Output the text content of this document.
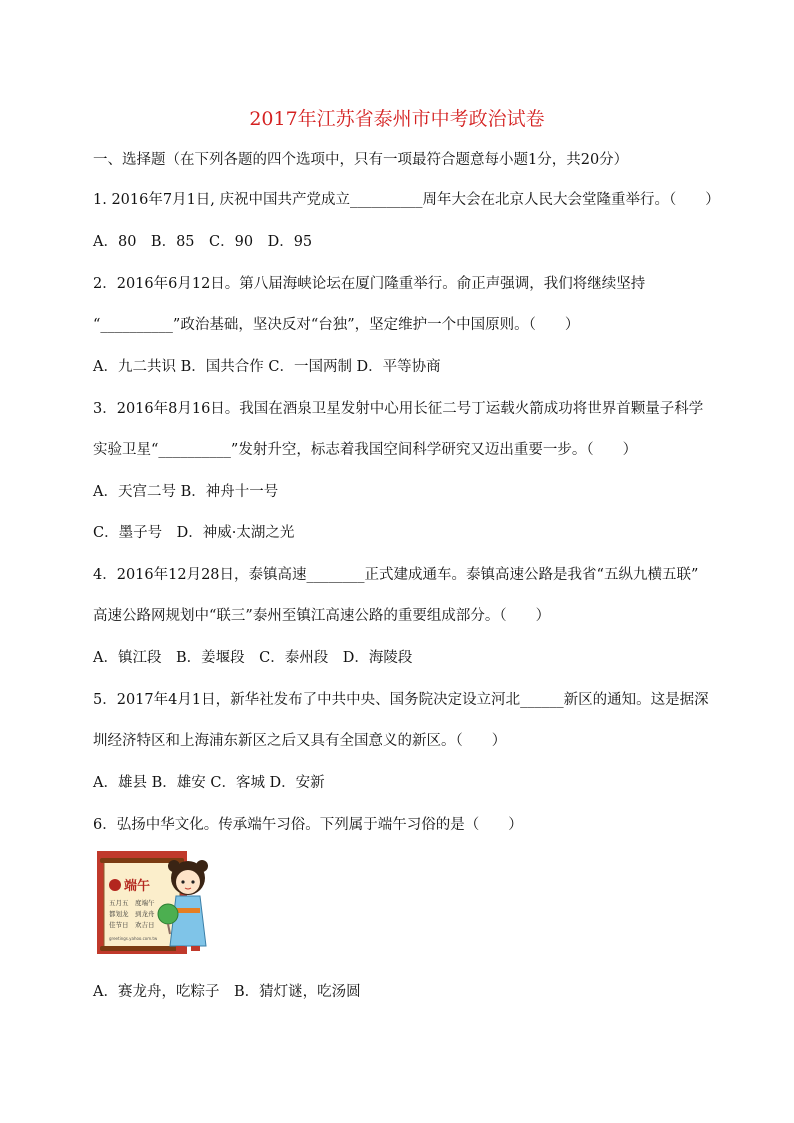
2017年江苏省泰州市中考政治试卷
一、选择题（在下列各题的四个选项中，只有一项最符合题意每小题1分，共20分）
1. 2016年7月1日, 庆祝中国共产党成立__________周年大会在北京人民大会堂隆重举行。（　　）
A．80　B．85　C．90　D．95
2．2016年6月12日。第八届海峡论坛在厦门隆重举行。俞正声强调，我们将继续坚持
“__________”政治基础，坚决反对“台独”，坚定维护一个中国原则。（　　）
A．九二共识 B．国共合作 C．一国两制 D．平等协商
3．2016年8月16日。我国在酒泉卫星发射中心用长征二号丁运载火箭成功将世界首颗量子科学
实验卫星“__________”发射升空，标志着我国空间科学研究又迈出重要一步。（　　）
A．天宫二号 B．神舟十一号
C．墨子号　D．神威·太湖之光
4．2016年12月28日，泰镇高速________正式建成通车。泰镇高速公路是我省“五纵九横五联”
高速公路网规划中“联三”泰州至镇江高速公路的重要组成部分。（　　）
A．镇江段　B．姜堰段　C．泰州段　D．海陵段
5．2017年4月1日，新华社发布了中共中央、国务院决定设立河北______新区的通知。这是据深
圳经济特区和上海浦东新区之后又具有全国意义的新区。（　　）
A．雄县 B．雄安 C．客城 D．安新
6．弘扬中华文化。传承端午习俗。下列属于端午习俗的是（　　）
端午
五月五　度端午
都划龙　到龙舟
佳节日　欢吉日
greetings.yahoo.com.tw
A．赛龙舟，吃粽子　B．猜灯谜，吃汤圆
